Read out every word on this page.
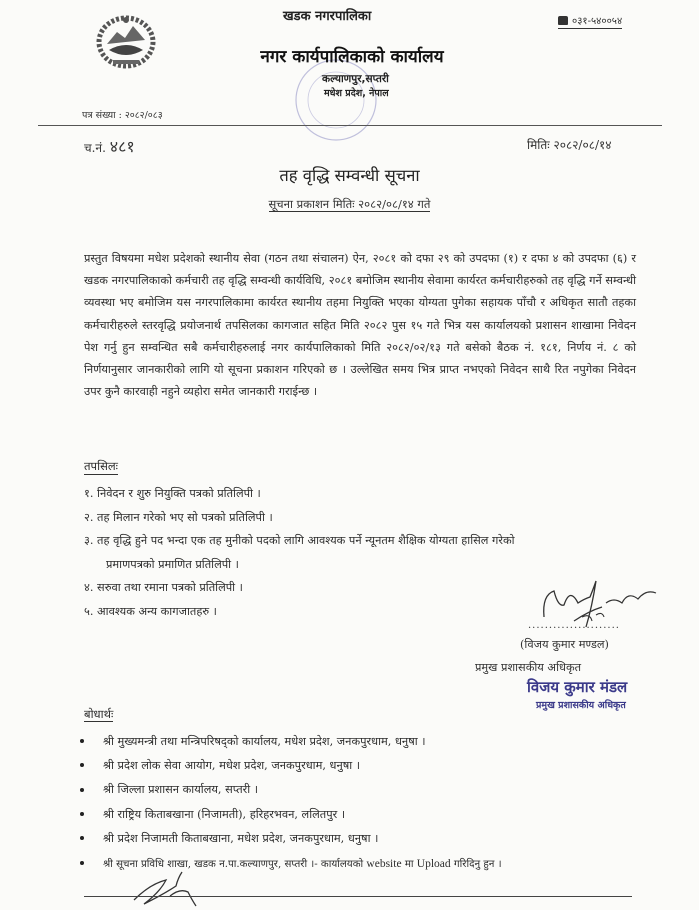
खडक नगरपालिका
नगर कार्यपालिकाको कार्यालय
कल्याणपुर,सप्तरी
मधेश प्रदेश, नेपाल
०३१-५४००५४
पत्र संख्या : २०८२/०८३
च.नं. ४८१	मितिः २०८२/०८/१४
तह वृद्धि सम्वन्धी सूचना
सूचना प्रकाशन मितिः २०८२/०८/१४ गते
प्रस्तुत विषयमा मधेश प्रदेशको स्थानीय सेवा (गठन तथा संचालन) ऐन, २०८१ को दफा २९ को उपदफा (१) र दफा ४ को उपदफा (६) र खडक नगरपालिकाको कर्मचारी तह वृद्धि सम्वन्धी कार्यविधि, २०८१ बमोजिम स्थानीय सेवामा कार्यरत कर्मचारीहरुको तह वृद्धि गर्ने सम्वन्धी व्यवस्था भए बमोजिम यस नगरपालिकामा कार्यरत स्थानीय तहमा नियुक्ति भएका योग्यता पुगेका सहायक पाँचौ र अधिकृत सातौ तहका कर्मचारीहरुले स्तरवृद्धि प्रयोजनार्थ तपसिलका कागजात सहित मिति २०८२ पुस १५ गते भित्र यस कार्यालयको प्रशासन शाखामा निवेदन पेश गर्नु हुन सम्वन्धित सबै कर्मचारीहरुलाई नगर कार्यपालिकाको मिति २०८२/०२/१३ गते बसेको बैठक नं. १८१, निर्णय नं. ८ को निर्णयानुसार जानकारीको लागि यो सूचना प्रकाशन गरिएको छ । उल्लेखित समय भित्र प्राप्त नभएको निवेदन साथै रित नपुगेका निवेदन उपर कुनै कारवाही नहुने व्यहोरा समेत जानकारी गराईन्छ ।
तपसिलः
१. निवेदन र शुरु नियुक्ति पत्रको प्रतिलिपी ।
२. तह मिलान गरेको भए सो पत्रको प्रतिलिपी ।
३. तह वृद्धि हुने पद भन्दा एक तह मुनीको पदको लागि आवश्यक पर्ने न्यूनतम शैक्षिक योग्यता हासिल गरेको
प्रमाणपत्रको प्रमाणित प्रतिलिपी ।
४. सरुवा तथा रमाना पत्रको प्रतिलिपी ।
५. आवश्यक अन्य कागजातहरु ।
......................
(विजय कुमार मण्डल)
प्रमुख प्रशासकीय अधिकृत
विजय कुमार मंडल
प्रमुख प्रशासकीय अधिकृत
बोधार्थः
श्री मुख्यमन्त्री तथा मन्त्रिपरिषद्को कार्यालय, मधेश प्रदेश, जनकपुरधाम, धनुषा ।
श्री प्रदेश लोक सेवा आयोग, मधेश प्रदेश, जनकपुरधाम, धनुषा ।
श्री जिल्ला प्रशासन कार्यालय, सप्तरी ।
श्री राष्ट्रिय किताबखाना (निजामती), हरिहरभवन, ललितपुर ।
श्री प्रदेश निजामती किताबखाना, मधेश प्रदेश, जनकपुरधाम, धनुषा ।
श्री सूचना प्रविधि शाखा, खडक न.पा.कल्याणपुर, सप्तरी ।- कार्यालयको website मा Upload गरिदिनु हुन ।
